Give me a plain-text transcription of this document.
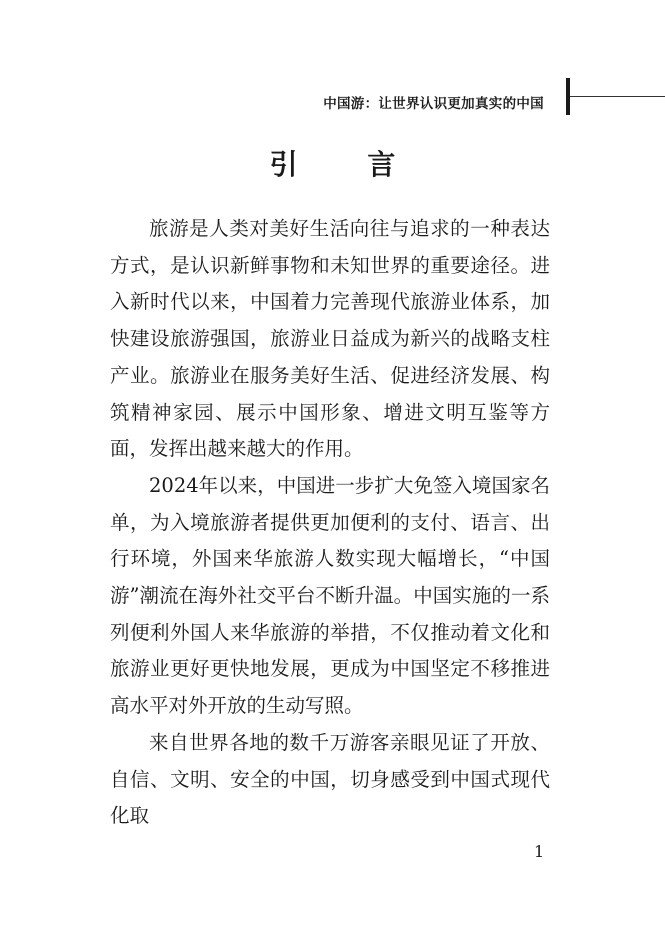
中国游：让世界认识更加真实的中国
引 言

旅游是人类对美好生活向往与追求的一种表达方式，是认识新鲜事物和未知世界的重要途径。进入新时代以来，中国着力完善现代旅游业体系，加快建设旅游强国，旅游业日益成为新兴的战略支柱产业。旅游业在服务美好生活、促进经济发展、构筑精神家园、展示中国形象、增进文明互鉴等方面，发挥出越来越大的作用。

2024年以来，中国进一步扩大免签入境国家名单，为入境旅游者提供更加便利的支付、语言、出行环境，外国来华旅游人数实现大幅增长，“中国游”潮流在海外社交平台不断升温。中国实施的一系列便利外国人来华旅游的举措，不仅推动着文化和旅游业更好更快地发展，更成为中国坚定不移推进高水平对外开放的生动写照。

来自世界各地的数千万游客亲眼见证了开放、自信、文明、安全的中国，切身感受到中国式现代化取

1
